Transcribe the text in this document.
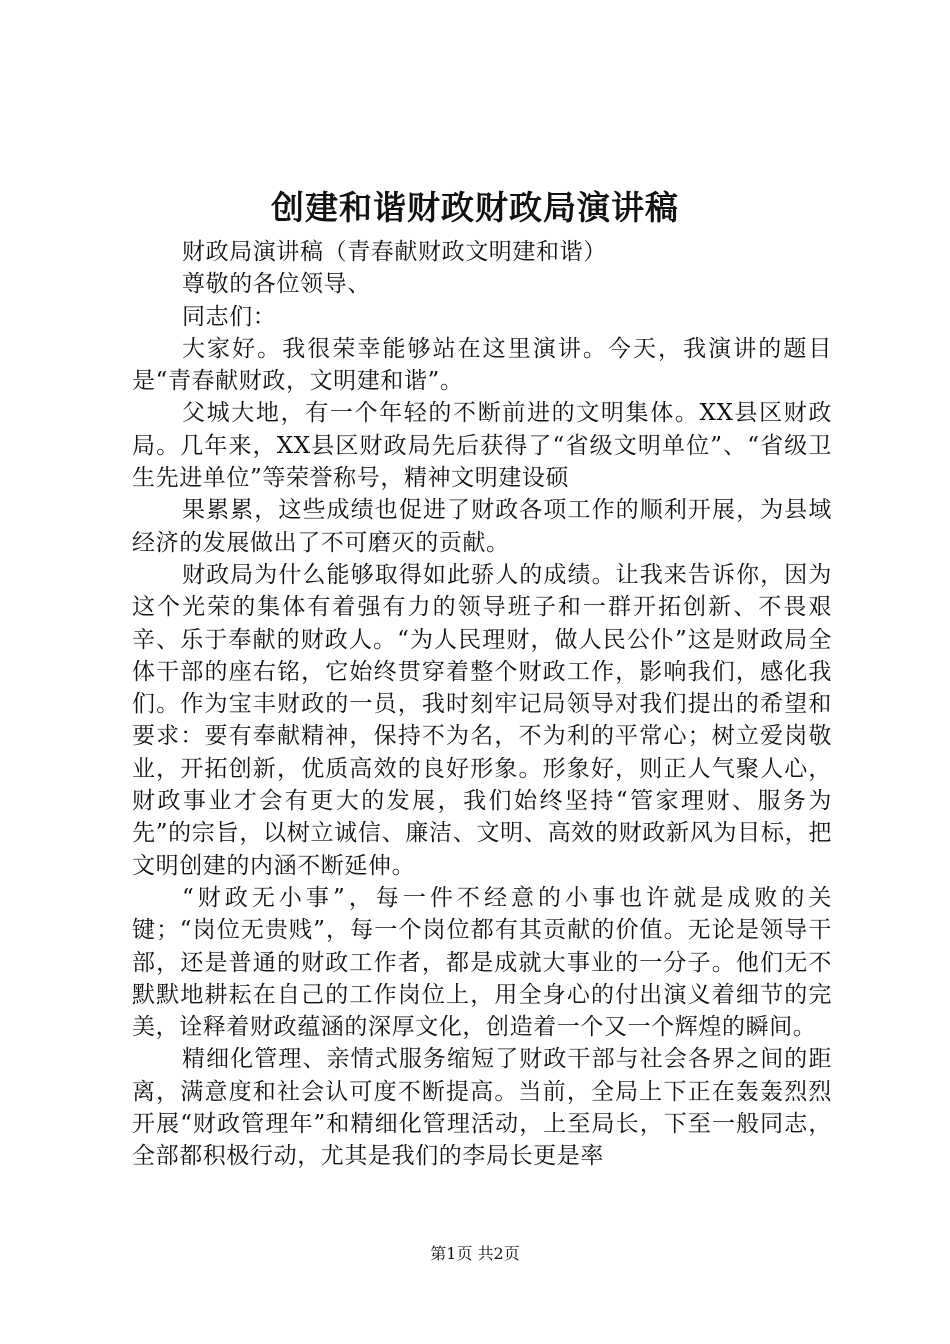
创建和谐财政财政局演讲稿

财政局演讲稿（青春献财政文明建和谐）

尊敬的各位领导、

同志们：

大家好。我很荣幸能够站在这里演讲。今天，我演讲的题目是“青春献财政，文明建和谐”。

父城大地，有一个年轻的不断前进的文明集体。XX县区财政局。几年来，XX县区财政局先后获得了“省级文明单位”、“省级卫生先进单位”等荣誉称号，精神文明建设硕

果累累，这些成绩也促进了财政各项工作的顺利开展，为县域经济的发展做出了不可磨灭的贡献。

财政局为什么能够取得如此骄人的成绩。让我来告诉你，因为这个光荣的集体有着强有力的领导班子和一群开拓创新、不畏艰辛、乐于奉献的财政人。“为人民理财，做人民公仆”这是财政局全体干部的座右铭，它始终贯穿着整个财政工作，影响我们，感化我们。作为宝丰财政的一员，我时刻牢记局领导对我们提出的希望和要求：要有奉献精神，保持不为名，不为利的平常心；树立爱岗敬业，开拓创新，优质高效的良好形象。形象好，则正人气聚人心，财政事业才会有更大的发展，我们始终坚持“管家理财、服务为先”的宗旨，以树立诚信、廉洁、文明、高效的财政新风为目标，把文明创建的内涵不断延伸。

“财政无小事”，每一件不经意的小事也许就是成败的关键；“岗位无贵贱”，每一个岗位都有其贡献的价值。无论是领导干部，还是普通的财政工作者，都是成就大事业的一分子。他们无不默默地耕耘在自己的工作岗位上，用全身心的付出演义着细节的完美，诠释着财政蕴涵的深厚文化，创造着一个又一个辉煌的瞬间。

精细化管理、亲情式服务缩短了财政干部与社会各界之间的距离，满意度和社会认可度不断提高。当前，全局上下正在轰轰烈烈开展“财政管理年”和精细化管理活动，上至局长，下至一般同志，全部都积极行动，尤其是我们的李局长更是率

第1页 共2页
